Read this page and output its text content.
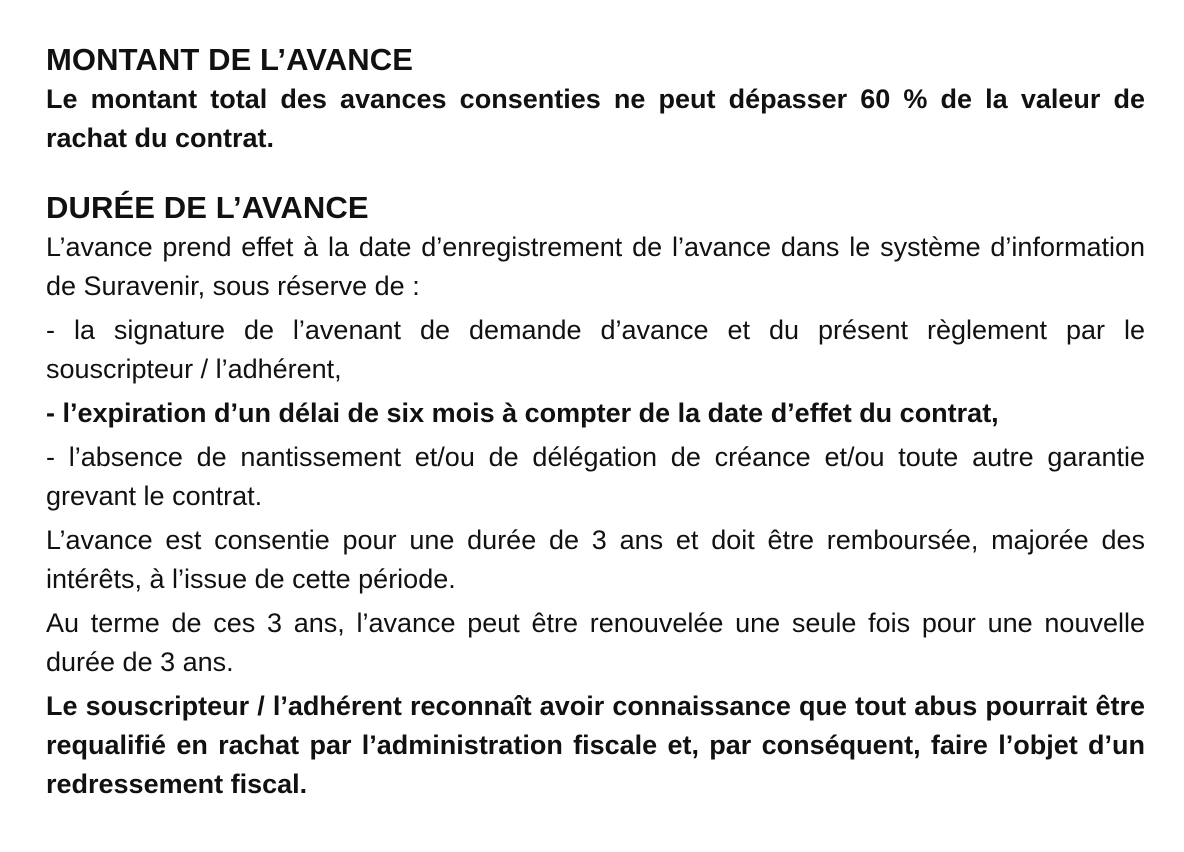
MONTANT DE L’AVANCE

Le montant total des avances consenties ne peut dépasser 60 % de la valeur de rachat du contrat.

DURÉE DE L’AVANCE

L’avance prend effet à la date d’enregistrement de l’avance dans le système d’information de Suravenir, sous réserve de :

- la signature de l’avenant de demande d’avance et du présent règlement par le souscripteur / l’adhérent,

- l’expiration d’un délai de six mois à compter de la date d’effet du contrat,

- l’absence de nantissement et/ou de délégation de créance et/ou toute autre garantie grevant le contrat.

L’avance est consentie pour une durée de 3 ans et doit être remboursée, majorée des intérêts, à l’issue de cette période.

Au terme de ces 3 ans, l’avance peut être renouvelée une seule fois pour une nouvelle durée de 3 ans.

Le souscripteur / l’adhérent reconnaît avoir connaissance que tout abus pourrait être requalifié en rachat par l’administration fiscale et, par conséquent, faire l’objet d’un redressement fiscal.
